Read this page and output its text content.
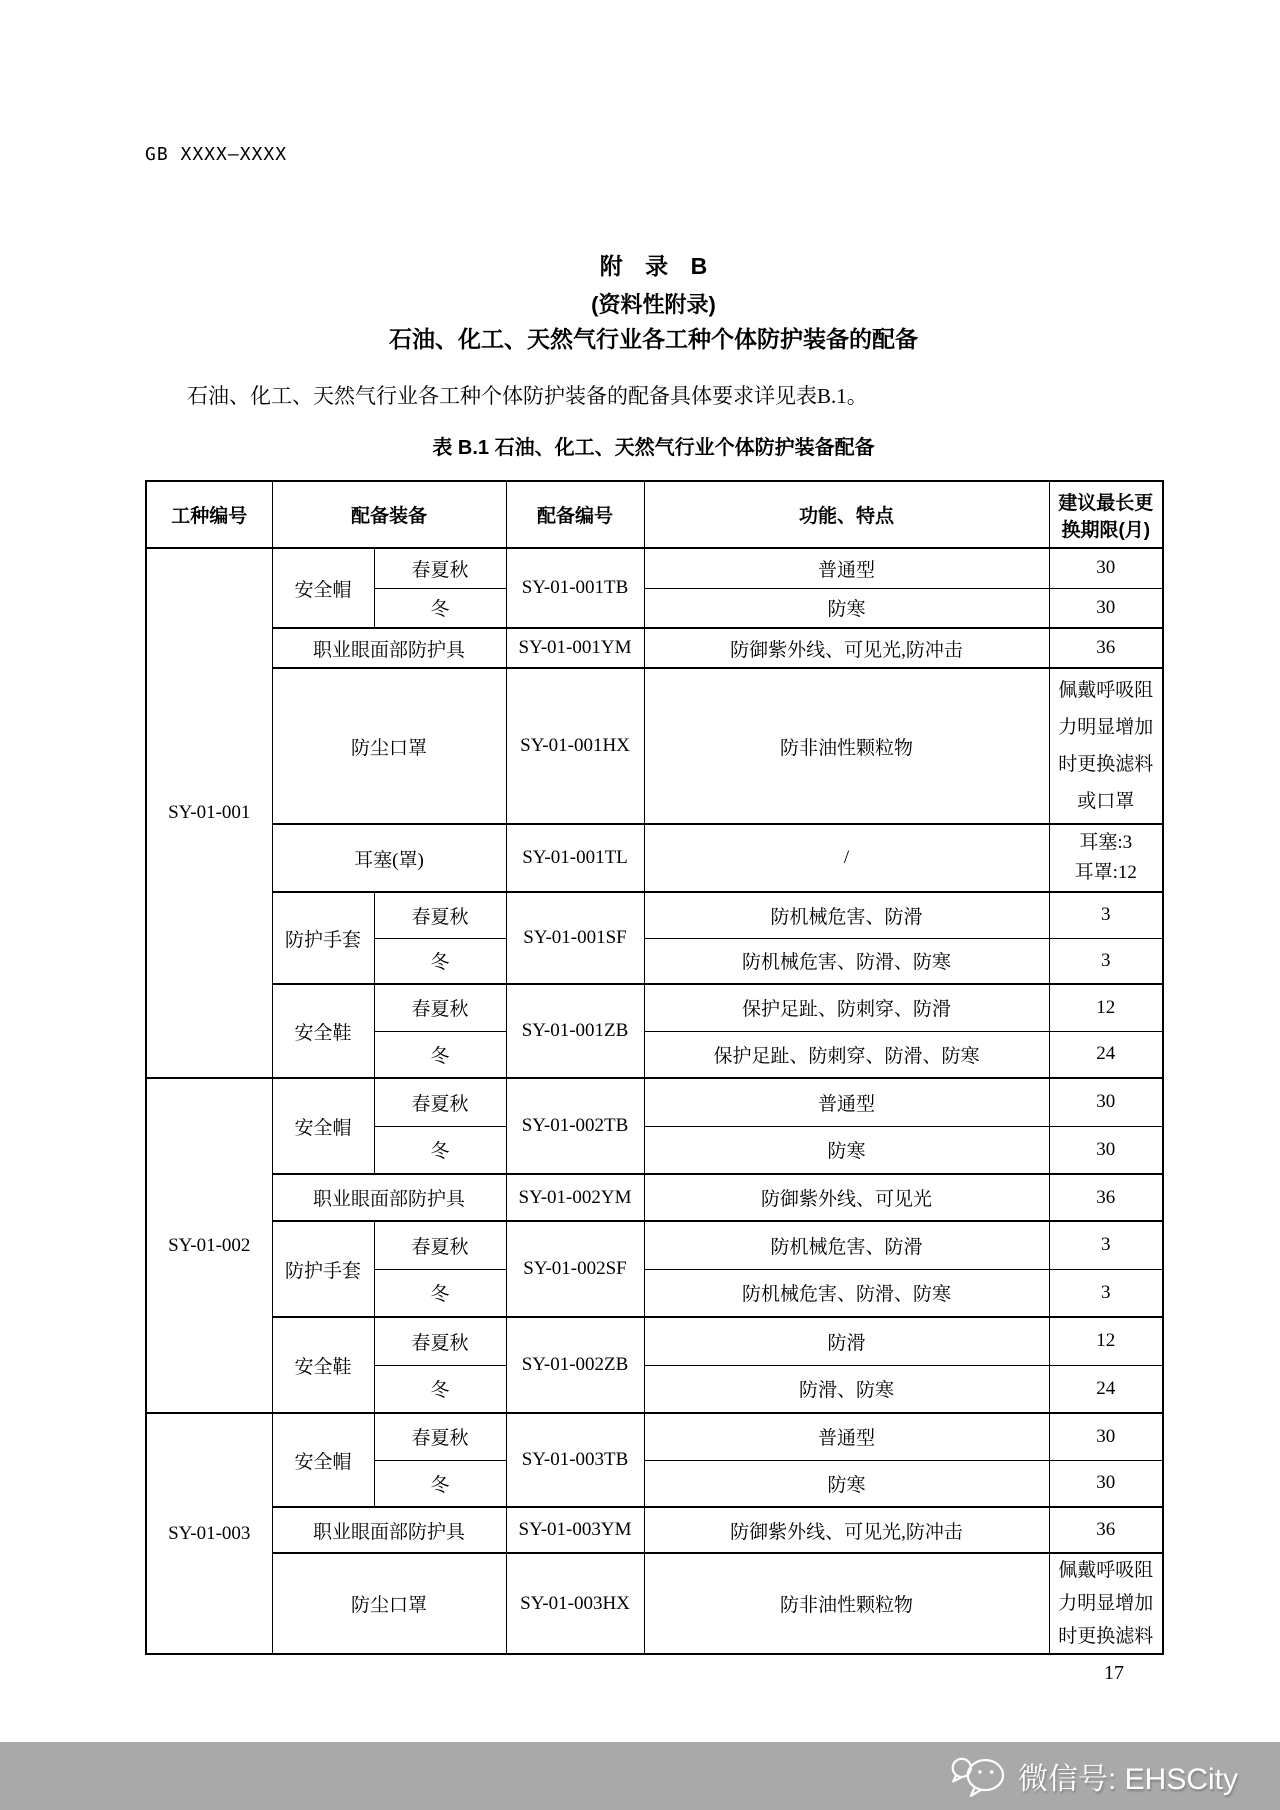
GB XXXX—XXXX
附 录 B
(资料性附录)
石油、化工、天然气行业各工种个体防护装备的配备
石油、化工、天然气行业各工种个体防护装备的配备具体要求详见表B.1。
表 B.1 石油、化工、天然气行业个体防护装备配备
工种编号	配备装备		配备编号	功能、特点	建议最长更换期限(月)
SY-01-001	安全帽	春夏秋	SY-01-001TB	普通型	30
		冬		防寒	30
	职业眼面部防护具		SY-01-001YM	防御紫外线、可见光,防冲击	36
	防尘口罩		SY-01-001HX	防非油性颗粒物	佩戴呼吸阻力明显增加时更换滤料或口罩
	耳塞(罩)		SY-01-001TL	/	耳塞:3
耳罩:12

	防护手套	春夏秋	SY-01-001SF	防机械危害、防滑	3
		冬		防机械危害、防滑、防寒	3
	安全鞋	春夏秋	SY-01-001ZB	保护足趾、防刺穿、防滑	12
		冬		保护足趾、防刺穿、防滑、防寒	24
SY-01-002	安全帽	春夏秋	SY-01-002TB	普通型	30
		冬		防寒	30
	职业眼面部防护具		SY-01-002YM	防御紫外线、可见光	36
	防护手套	春夏秋	SY-01-002SF	防机械危害、防滑	3
		冬		防机械危害、防滑、防寒	3
	安全鞋	春夏秋	SY-01-002ZB	防滑	12
		冬		防滑、防寒	24
SY-01-003	安全帽	春夏秋	SY-01-003TB	普通型	30
		冬		防寒	30
	职业眼面部防护具		SY-01-003YM	防御紫外线、可见光,防冲击	36
	防尘口罩		SY-01-003HX	防非油性颗粒物	佩戴呼吸阻力明显增加时更换滤料
17
微信号: EHSCity
